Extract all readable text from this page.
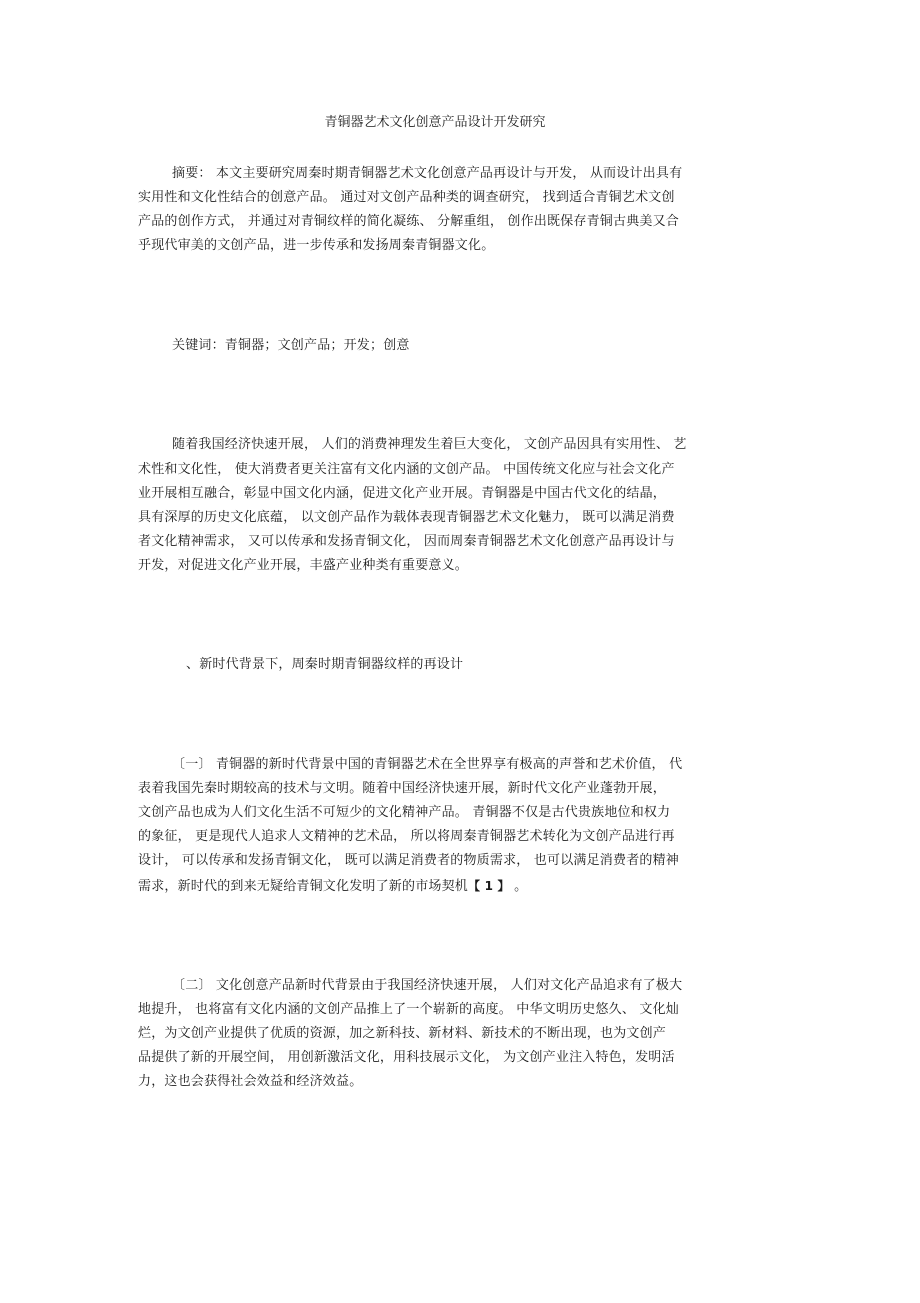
青铜器艺术文化创意产品设计开发研究
摘要： 本文主要研究周秦时期青铜器艺术文化创意产品再设计与开发， 从而设计出具有
实用性和文化性结合的创意产品。 通过对文创产品种类的调查研究， 找到适合青铜艺术文创
产品的创作方式， 并通过对青铜纹样的简化凝练、 分解重组， 创作出既保存青铜古典美又合
乎现代审美的文创产品，进一步传承和发扬周秦青铜器文化。
关键词：青铜器；文创产品；开发；创意
随着我国经济快速开展， 人们的消费神理发生着巨大变化， 文创产品因具有实用性、 艺
术性和文化性， 使大消费者更关注富有文化内涵的文创产品。 中国传统文化应与社会文化产
业开展相互融合，彰显中国文化内涵，促进文化产业开展。青铜器是中国古代文化的结晶，
具有深厚的历史文化底蕴， 以文创产品作为载体表现青铜器艺术文化魅力， 既可以满足消费
者文化精神需求， 又可以传承和发扬青铜文化， 因而周秦青铜器艺术文化创意产品再设计与
开发，对促进文化产业开展，丰盛产业种类有重要意义。
、新时代背景下，周秦时期青铜器纹样的再设计
〔一〕 青铜器的新时代背景中国的青铜器艺术在全世界享有极高的声誉和艺术价值， 代
表着我国先秦时期较高的技术与文明。随着中国经济快速开展，新时代文化产业蓬勃开展，
文创产品也成为人们文化生活不可短少的文化精神产品。 青铜器不仅是古代贵族地位和权力
的象征， 更是现代人追求人文精神的艺术品， 所以将周秦青铜器艺术转化为文创产品进行再
设计， 可以传承和发扬青铜文化， 既可以满足消费者的物质需求， 也可以满足消费者的精神
需求，新时代的到来无疑给青铜文化发明了新的市场契机【 1 】 。
〔二〕 文化创意产品新时代背景由于我国经济快速开展， 人们对文化产品追求有了极大
地提升， 也将富有文化内涵的文创产品推上了一个崭新的高度。 中华文明历史悠久、 文化灿
烂，为文创产业提供了优质的资源，加之新科技、新材料、新技术的不断出现，也为文创产
品提供了新的开展空间， 用创新激活文化，用科技展示文化， 为文创产业注入特色，发明活
力，这也会获得社会效益和经济效益。
